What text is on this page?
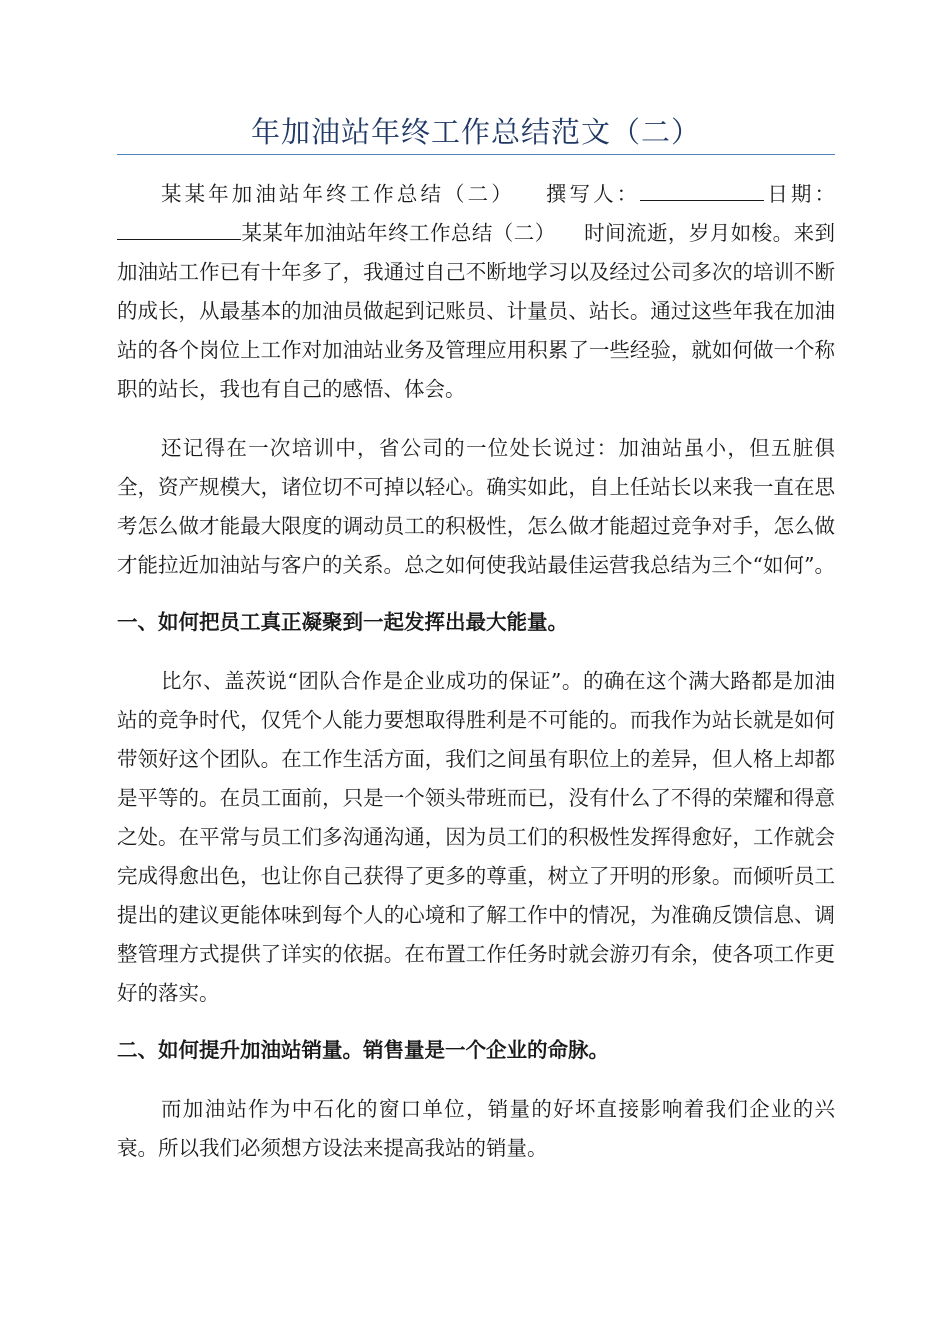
年加油站年终工作总结范文（二）

某某年加油站年终工作总结（二） 撰写人：	日期：某某年加油站年终工作总结（二） 时间流逝，岁月如梭。来到加油站工作已有十年多了，我通过自己不断地学习以及经过公司多次的培训不断的成长，从最基本的加油员做起到记账员、计量员、站长。通过这些年我在加油站的各个岗位上工作对加油站业务及管理应用积累了一些经验，就如何做一个称职的站长，我也有自己的感悟、体会。

还记得在一次培训中，省公司的一位处长说过：加油站虽小，但五脏俱全，资产规模大，诸位切不可掉以轻心。确实如此，自上任站长以来我一直在思考怎么做才能最大限度的调动员工的积极性，怎么做才能超过竞争对手，怎么做才能拉近加油站与客户的关系。总之如何使我站最佳运营我总结为三个“如何”。

一、如何把员工真正凝聚到一起发挥出最大能量。

比尔、盖茨说“团队合作是企业成功的保证”。的确在这个满大路都是加油站的竞争时代，仅凭个人能力要想取得胜利是不可能的。而我作为站长就是如何带领好这个团队。在工作生活方面，我们之间虽有职位上的差异，但人格上却都是平等的。在员工面前，只是一个领头带班而已，没有什么了不得的荣耀和得意之处。在平常与员工们多沟通沟通，因为员工们的积极性发挥得愈好，工作就会完成得愈出色，也让你自己获得了更多的尊重，树立了开明的形象。而倾听员工提出的建议更能体味到每个人的心境和了解工作中的情况，为准确反馈信息、调整管理方式提供了详实的依据。在布置工作任务时就会游刃有余，使各项工作更好的落实。

二、如何提升加油站销量。销售量是一个企业的命脉。

而加油站作为中石化的窗口单位，销量的好坏直接影响着我们企业的兴衰。所以我们必须想方设法来提高我站的销量。
